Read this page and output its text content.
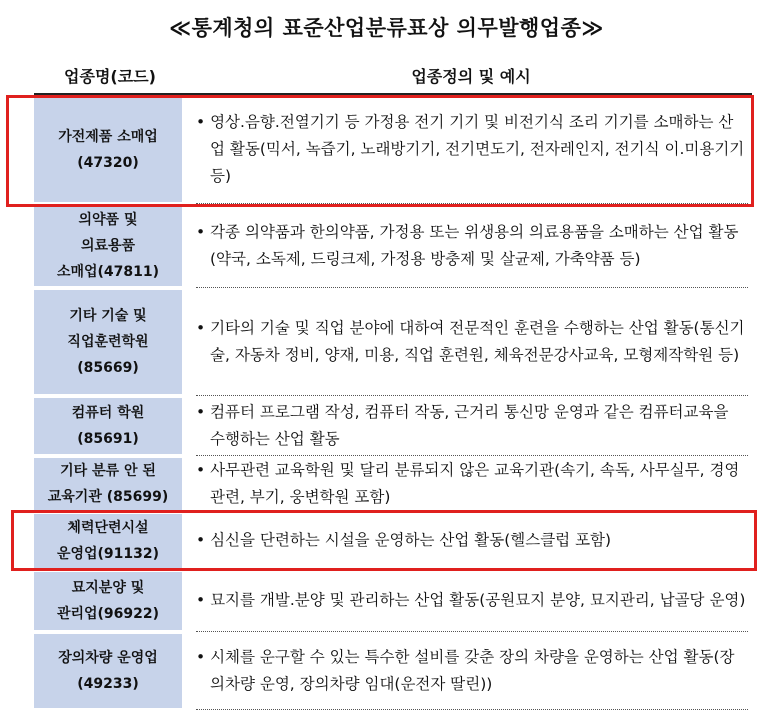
≪통계청의 표준산업분류표상 의무발행업종≫
업종명(코드)	업종정의 및 예시
가전제품 소매업
(47320)
• 영상.음향.전열기기 등 가정용 전기 기기 및 비전기식 조리 기기를 소매하는 산업 활동(믹서, 녹즙기, 노래방기기, 전기면도기, 전자레인지, 전기식 이.미용기기 등)
의약품 및
의료용품
소매업(47811)
• 각종 의약품과 한의약품, 가정용 또는 위생용의 의료용품을 소매하는 산업 활동(약국, 소독제, 드링크제, 가정용 방충제 및 살균제, 가축약품 등)
기타 기술 및
직업훈련학원
(85669)
• 기타의 기술 및 직업 분야에 대하여 전문적인 훈련을 수행하는 산업 활동(통신기술, 자동차 정비, 양재, 미용, 직업 훈련원, 체육전문강사교육, 모형제작학원 등)
컴퓨터 학원
(85691)
• 컴퓨터 프로그램 작성, 컴퓨터 작동, 근거리 통신망 운영과 같은 컴퓨터교육을 수행하는 산업 활동
기타 분류 안 된
교육기관 (85699)
• 사무관련 교육학원 및 달리 분류되지 않은 교육기관(속기, 속독, 사무실무, 경영관련, 부기, 웅변학원 포함)
체력단련시설
운영업(91132)
• 심신을 단련하는 시설을 운영하는 산업 활동(헬스클럽 포함)
묘지분양 및
관리업(96922)
• 묘지를 개발.분양 및 관리하는 산업 활동(공원묘지 분양, 묘지관리, 납골당 운영)
장의차량 운영업
(49233)
• 시체를 운구할 수 있는 특수한 설비를 갖춘 장의 차량을 운영하는 산업 활동(장의차량 운영, 장의차량 임대(운전자 딸린))
